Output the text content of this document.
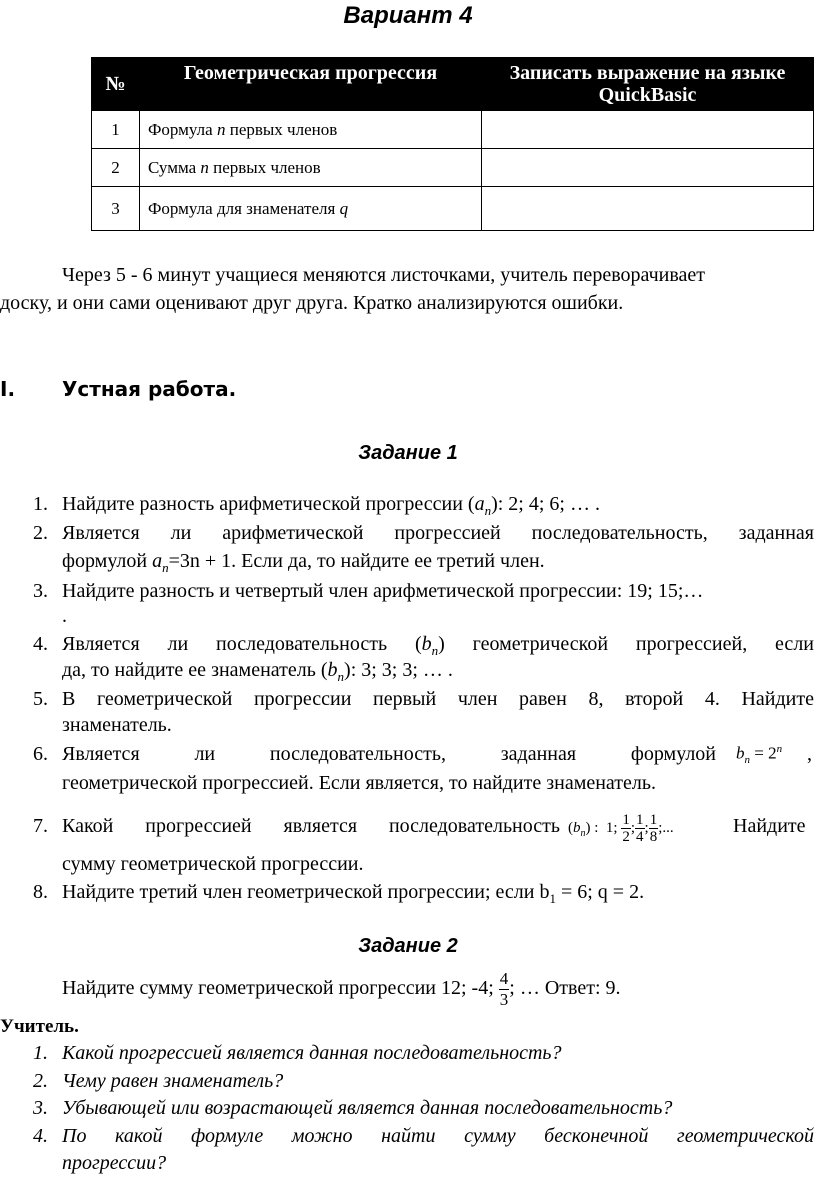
Вариант 4
№	Геометрическая прогрессия	Записать выражение на языке QuickBasic
1	Формула n первых членов	
2	Сумма n первых членов	
3	Формула для знаменателя q	
Через 5 - 6 минут учащиеся меняются листочками, учитель переворачивает
доску, и они сами оценивают друг друга. Кратко анализируются ошибки.
I. Устная работа.
Задание 1
1. Найдите разность арифметической прогрессии $(a_n)$: 2; 4; 6; … .
2. Является ли арифметической прогрессией последовательность, заданная
формулой $a_n=3n + 1$. Если да, то найдите ее третий член.
3. Найдите разность и четвертый член арифметической прогрессии: 19; 15;…
.
4. Является ли последовательность $(b_n)$ геометрической прогрессией, если
да, то найдите ее знаменатель $(b_n)$: 3; 3; 3; … .
5. В геометрической прогрессии первый член равен 8, второй 4. Найдите
знаменатель.
6. Является ли последовательность, заданная формулой $b_n = 2^n$ ,
геометрической прогрессией. Если является, то найдите знаменатель.
7. Какой прогрессией является последовательность $(b_n)$ :  1; $\frac{1}{2}$ ; $\frac{1}{4}$ ; $\frac{1}{8}$ ;...	Найдите
сумму геометрической прогрессии.
8. Найдите третий член геометрической прогрессии; если $b_1 = 6$; q = 2.
Задание 2
Найдите сумму геометрической прогрессии 12; -4; $\frac{4}{3}$ ; … Ответ: 9.
Учитель.
1. Какой прогрессией является данная последовательность?
2. Чему равен знаменатель?
3. Убывающей или возрастающей является данная последовательность?
4. По какой формуле можно найти сумму бесконечной геометрической
прогрессии?
